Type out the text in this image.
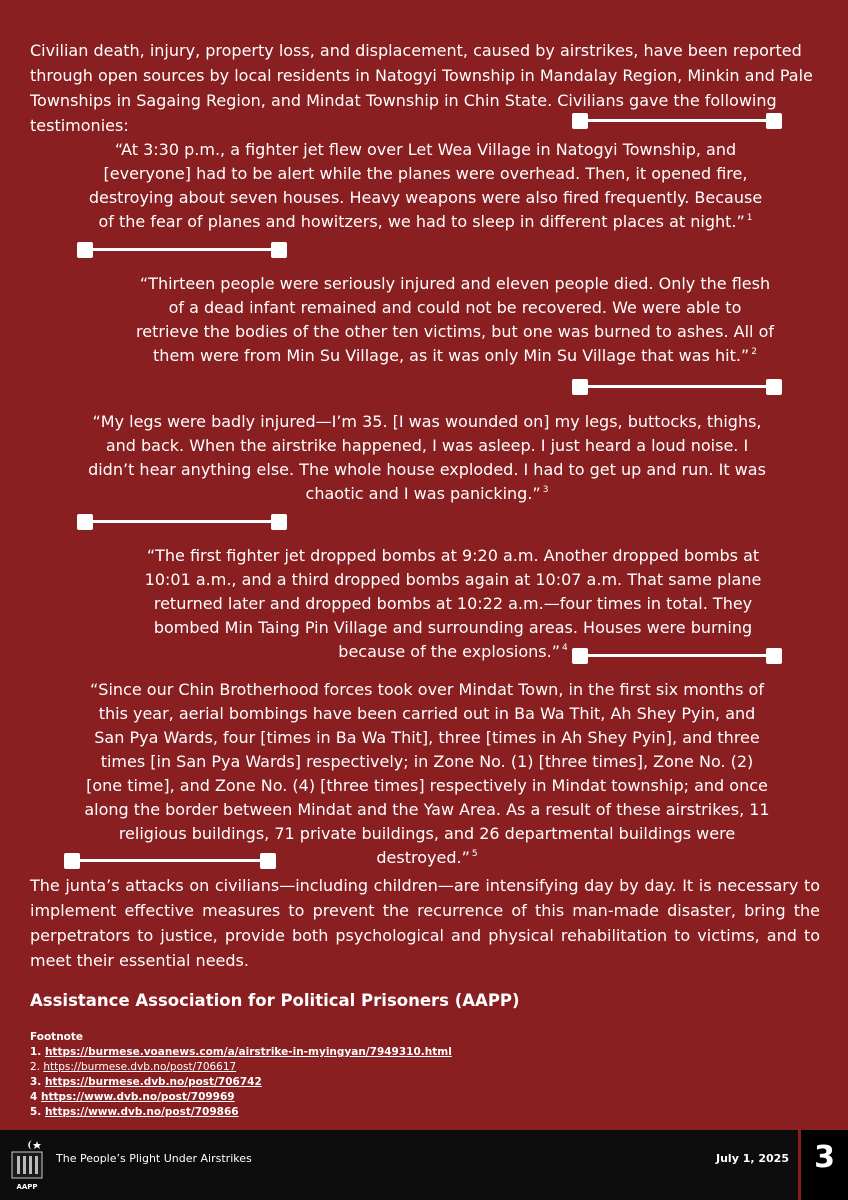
Civilian death, injury, property loss, and displacement, caused by airstrikes, have been reported through open sources by local residents in Natogyi Township in Mandalay Region, Minkin and Pale Townships in Sagaing Region, and Mindat Township in Chin State. Civilians gave the following testimonies:

“At 3:30 p.m., a fighter jet flew over Let Wea Village in Natogyi Township, and [everyone] had to be alert while the planes were overhead. Then, it opened fire, destroying about seven houses. Heavy weapons were also fired frequently. Because of the fear of planes and howitzers, we had to sleep in different places at night.” $^1$

“Thirteen people were seriously injured and eleven people died. Only the flesh of a dead infant remained and could not be recovered. We were able to retrieve the bodies of the other ten victims, but one was burned to ashes. All of them were from Min Su Village, as it was only Min Su Village that was hit.” $^2$

“My legs were badly injured—I’m 35. [I was wounded on] my legs, buttocks, thighs, and back. When the airstrike happened, I was asleep. I just heard a loud noise. I didn’t hear anything else. The whole house exploded. I had to get up and run. It was chaotic and I was panicking.” $^3$

“The first fighter jet dropped bombs at 9:20 a.m. Another dropped bombs at 10:01 a.m., and a third dropped bombs again at 10:07 a.m. That same plane returned later and dropped bombs at 10:22 a.m.—four times in total. They bombed Min Taing Pin Village and surrounding areas. Houses were burning because of the explosions.” $^4$

“Since our Chin Brotherhood forces took over Mindat Town, in the first six months of this year, aerial bombings have been carried out in Ba Wa Thit, Ah Shey Pyin, and San Pya Wards, four [times in Ba Wa Thit], three [times in Ah Shey Pyin], and three times [in San Pya Wards] respectively; in Zone No. (1) [three times], Zone No. (2) [one time], and Zone No. (4) [three times] respectively in Mindat township; and once along the border between Mindat and the Yaw Area. As a result of these airstrikes, 11 religious buildings, 71 private buildings, and 26 departmental buildings were destroyed.” $^5$

The junta’s attacks on civilians—including children—are intensifying day by day. It is necessary to implement effective measures to prevent the recurrence of this man-made disaster, bring the perpetrators to justice, provide both psychological and physical rehabilitation to victims, and to meet their essential needs.

Assistance Association for Political Prisoners (AAPP)

Footnote
1. https://burmese.voanews.com/a/airstrike-in-myingyan/7949310.html
2. https://burmese.dvb.no/post/706617
3. https://burmese.dvb.no/post/706742
4 https://www.dvb.no/post/709969
5. https://www.dvb.no/post/709866
AAPP
The People’s Plight Under Airstrikes	July 1, 2025 3
